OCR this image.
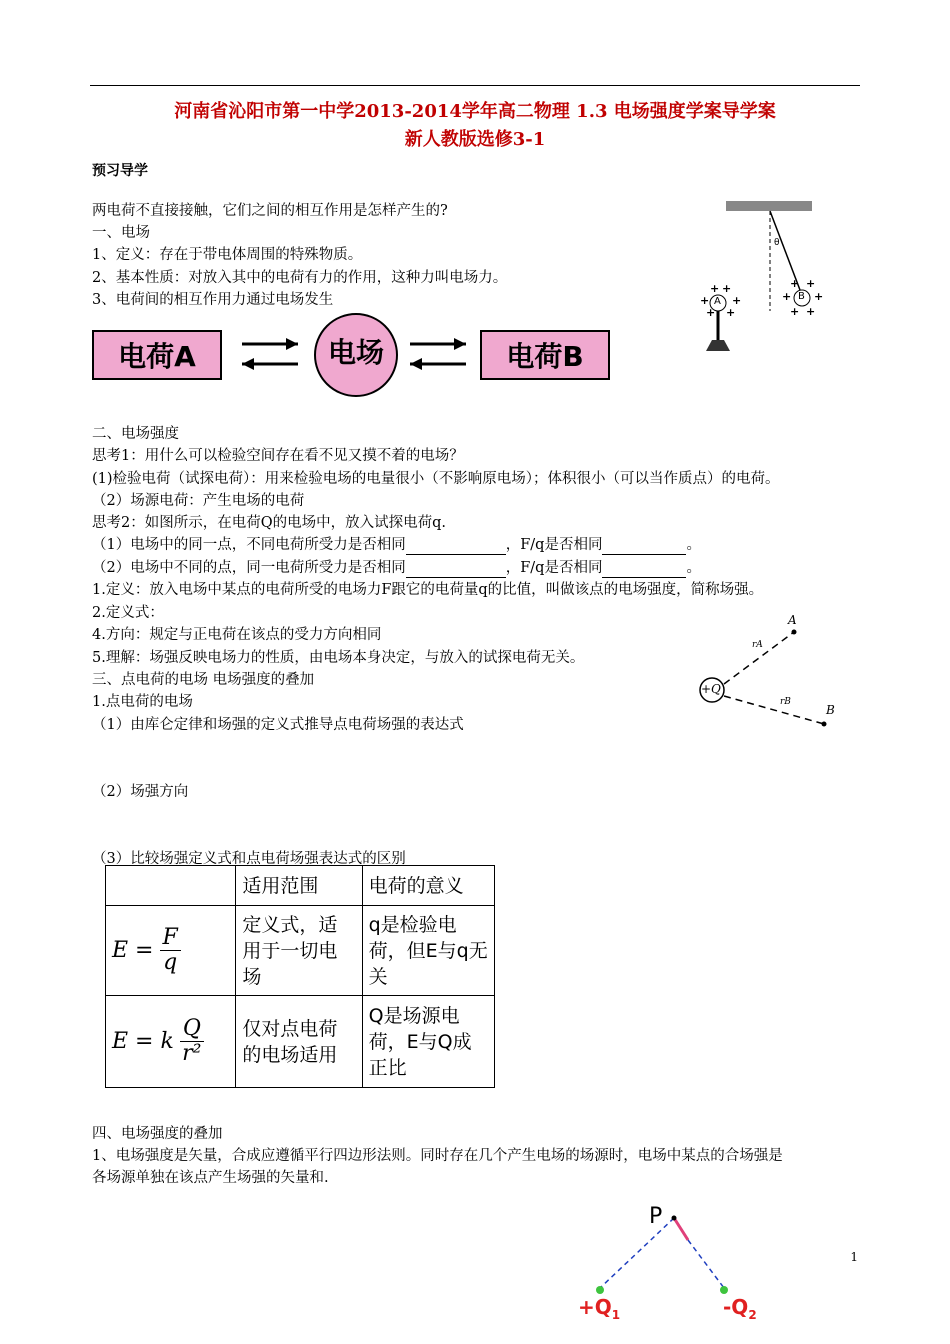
河南省沁阳市第一中学2013-2014学年高二物理 1.3 电场强度学案导学案
新人教版选修3-1
预习导学
两电荷不直接接触，它们之间的相互作用是怎样产生的?
一、电场
1、定义：存在于带电体周围的特殊物质。
2、基本性质：对放入其中的电荷有力的作用，这种力叫电场力。
3、电荷间的相互作用力通过电场发生
电荷A	电场	电荷B
θ
A	B
+ +
+ +
+ +
+ +
+ +
+ +
二、电场强度
思考1：用什么可以检验空间存在看不见又摸不着的电场？
(1)检验电荷（试探电荷）：用来检验电场的电量很小（不影响原电场）；体积很小（可以当作质点）的电荷。
（2）场源电荷：产生电场的电荷
思考2：如图所示，在电荷Q的电场中，放入试探电荷q.
（1）电场中的同一点，不同电荷所受力是否相同	，F/q是否相同	。
（2）电场中不同的点，同一电荷所受力是否相同	，F/q是否相同	。
1.定义：放入电场中某点的电荷所受的电场力F跟它的电荷量q的比值，叫做该点的电场强度，简称场强。
2.定义式：
4.方向：规定与正电荷在该点的受力方向相同
5.理解：场强反映电场力的性质，由电场本身决定，与放入的试探电荷无关。
+Q
A
B
rA
rB
三、点电荷的电场 电场强度的叠加
1.点电荷的电场
（1）由库仑定律和场强的定义式推导点电荷场强的表达式
（2）场强方向
（3）比较场强定义式和点电荷场强表达式的区别
	适用范围	电荷的意义

$E = \frac{F}{q}$	定义式，适用于一切电场	q是检验电荷，但E与q无关

E = k Q
r²	仅对点电荷的电场适用	Q是场源电荷，E与Q成正比
四、电场强度的叠加
1、电场强度是矢量，合成应遵循平行四边形法则。同时存在几个产生电场的场源时，电场中某点的合场强是
各场源单独在该点产生场强的矢量和.
P
$+Q_1$	$-Q_2$
1
